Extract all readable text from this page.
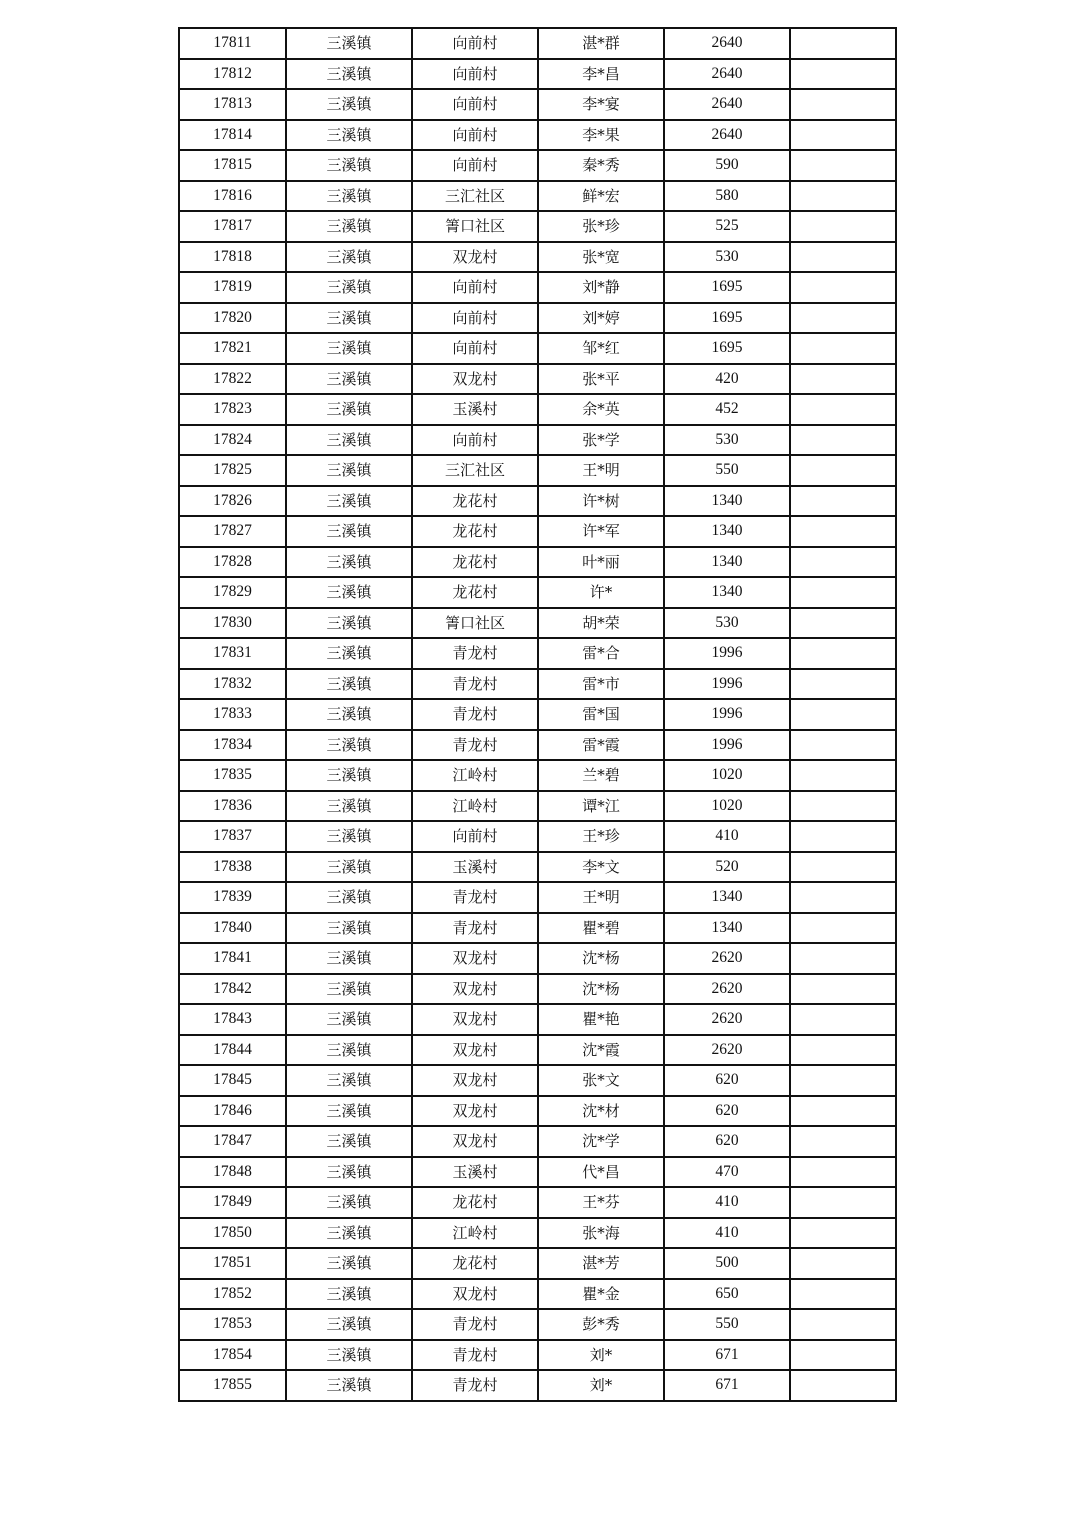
17811	三溪镇	向前村	湛*群	2640	
17812	三溪镇	向前村	李*昌	2640	
17813	三溪镇	向前村	李*宴	2640	
17814	三溪镇	向前村	李*果	2640	
17815	三溪镇	向前村	秦*秀	590	
17816	三溪镇	三汇社区	鲜*宏	580	
17817	三溪镇	箐口社区	张*珍	525	
17818	三溪镇	双龙村	张*宽	530	
17819	三溪镇	向前村	刘*静	1695	
17820	三溪镇	向前村	刘*婷	1695	
17821	三溪镇	向前村	邹*红	1695	
17822	三溪镇	双龙村	张*平	420	
17823	三溪镇	玉溪村	余*英	452	
17824	三溪镇	向前村	张*学	530	
17825	三溪镇	三汇社区	王*明	550	
17826	三溪镇	龙花村	许*树	1340	
17827	三溪镇	龙花村	许*军	1340	
17828	三溪镇	龙花村	叶*丽	1340	
17829	三溪镇	龙花村	许*	1340	
17830	三溪镇	箐口社区	胡*荣	530	
17831	三溪镇	青龙村	雷*合	1996	
17832	三溪镇	青龙村	雷*市	1996	
17833	三溪镇	青龙村	雷*国	1996	
17834	三溪镇	青龙村	雷*霞	1996	
17835	三溪镇	江岭村	兰*碧	1020	
17836	三溪镇	江岭村	谭*江	1020	
17837	三溪镇	向前村	王*珍	410	
17838	三溪镇	玉溪村	李*文	520	
17839	三溪镇	青龙村	王*明	1340	
17840	三溪镇	青龙村	瞿*碧	1340	
17841	三溪镇	双龙村	沈*杨	2620	
17842	三溪镇	双龙村	沈*杨	2620	
17843	三溪镇	双龙村	瞿*艳	2620	
17844	三溪镇	双龙村	沈*霞	2620	
17845	三溪镇	双龙村	张*文	620	
17846	三溪镇	双龙村	沈*材	620	
17847	三溪镇	双龙村	沈*学	620	
17848	三溪镇	玉溪村	代*昌	470	
17849	三溪镇	龙花村	王*芬	410	
17850	三溪镇	江岭村	张*海	410	
17851	三溪镇	龙花村	湛*芳	500	
17852	三溪镇	双龙村	瞿*金	650	
17853	三溪镇	青龙村	彭*秀	550	
17854	三溪镇	青龙村	刘*	671	
17855	三溪镇	青龙村	刘*	671	
